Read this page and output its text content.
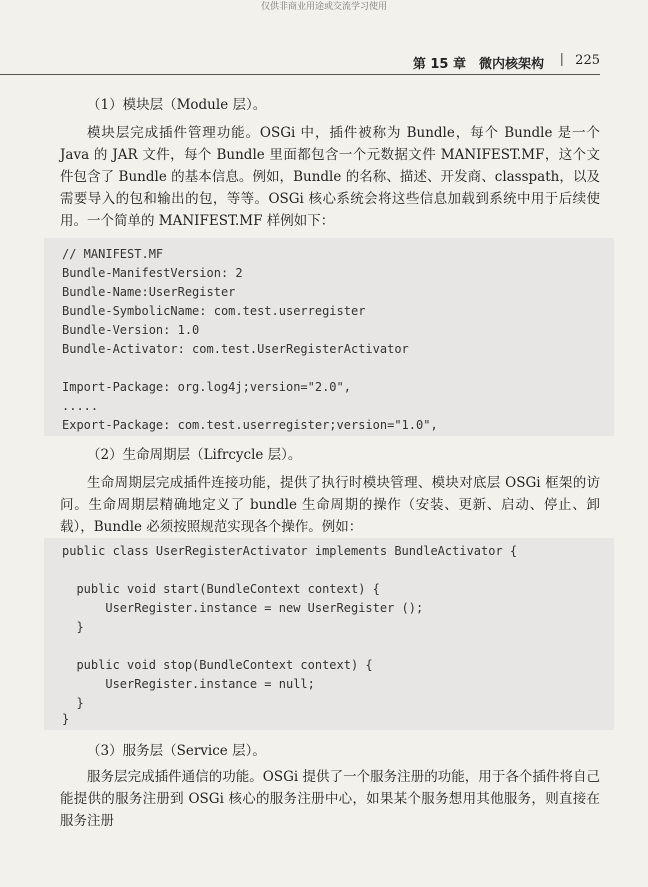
仅供非商业用途或交流学习使用
第 15 章　微内核架构 | 225

（1）模块层（Module 层）。

模块层完成插件管理功能。OSGi 中，插件被称为 Bundle，每个 Bundle 是一个 Java 的 JAR 文件，每个 Bundle 里面都包含一个元数据文件 MANIFEST.MF，这个文件包含了 Bundle 的基本信息。例如，Bundle 的名称、描述、开发商、classpath，以及需要导入的包和输出的包，等等。OSGi 核心系统会将这些信息加载到系统中用于后续使用。 一个简单的 MANIFEST.MF 样例如下：

// MANIFEST.MF
Bundle-ManifestVersion: 2
Bundle-Name:UserRegister
Bundle-SymbolicName: com.test.userregister
Bundle-Version: 1.0
Bundle-Activator: com.test.UserRegisterActivator
Import-Package: org.log4j;version="2.0",
.....
Export-Package: com.test.userregister;version="1.0",

（2）生命周期层（Lifrcycle 层）。

生命周期层完成插件连接功能，提供了执行时模块管理、模块对底层 OSGi 框架的访问。生命周期层精确地定义了 bundle 生命周期的操作（安装、更新、启动、停止、卸载），Bundle 必须按照规范实现各个操作。例如：

public class UserRegisterActivator implements BundleActivator {
public void start(BundleContext context) {
UserRegister.instance = new UserRegister ();
}
public void stop(BundleContext context) {
UserRegister.instance = null;
}
}

（3）服务层（Service 层）。

服务层完成插件通信的功能。OSGi 提供了一个服务注册的功能，用于各个插件将自己能提供的服务注册到 OSGi 核心的服务注册中心，如果某个服务想用其他服务，则直接在服务注册
